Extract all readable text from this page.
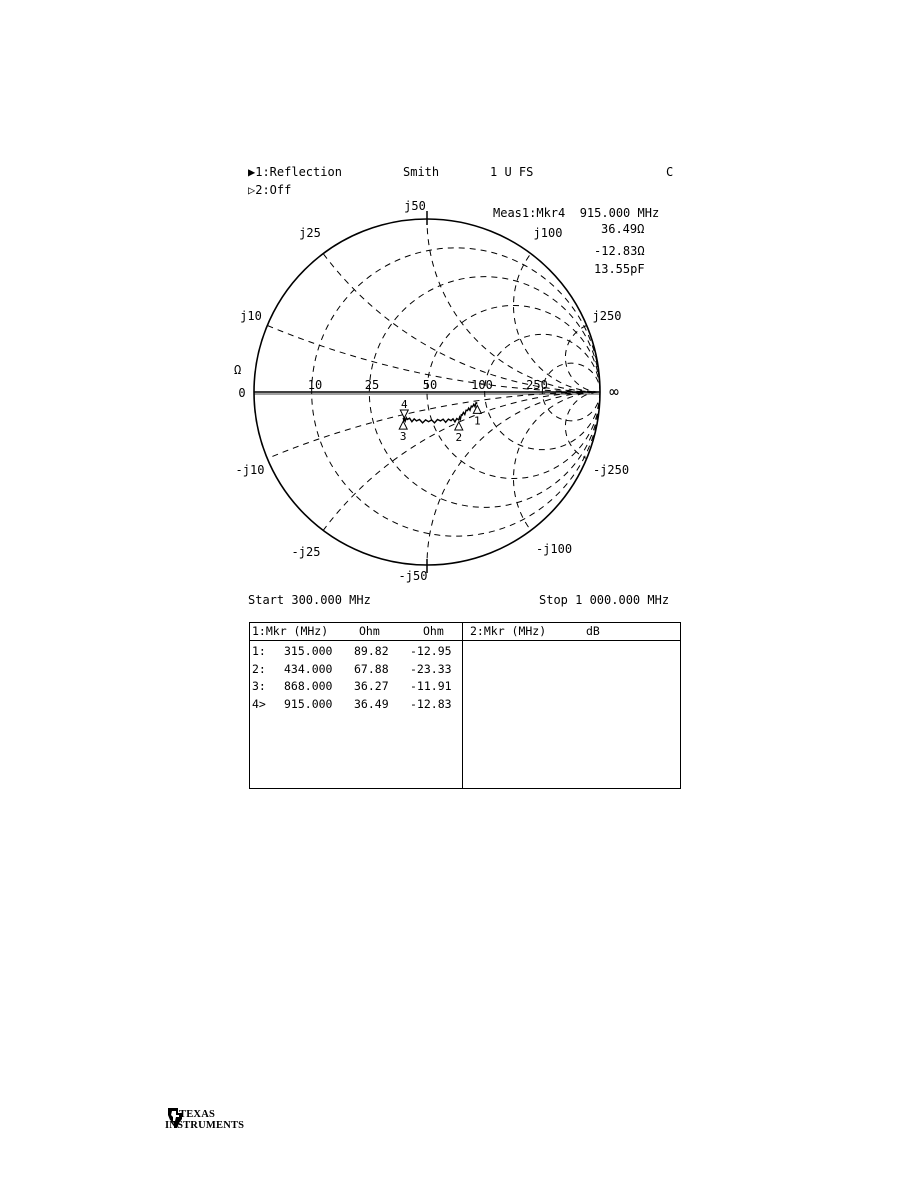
1
2
3
4
0
10	25	50	100	250	∞
j10
j25
j50
j100
j250
-j10
-j25
-j50
-j100
-j250
▶1:Reflection	Smith	1 U FS	C
▷2:Off
Meas1:Mkr4  915.000 MHz
36.49Ω
-12.83Ω
13.55pF
Ω
Start 300.000 MHz	Stop 1 000.000 MHz
1:Mkr (MHz)	Ohm	Ohm
1: 315.000 89.82 -12.95
2: 434.000 67.88 -23.33
3: 868.000 36.27 -11.91
4> 915.000 36.49 -12.83
2:Mkr (MHz)	dB
TEXAS
INSTRUMENTS
